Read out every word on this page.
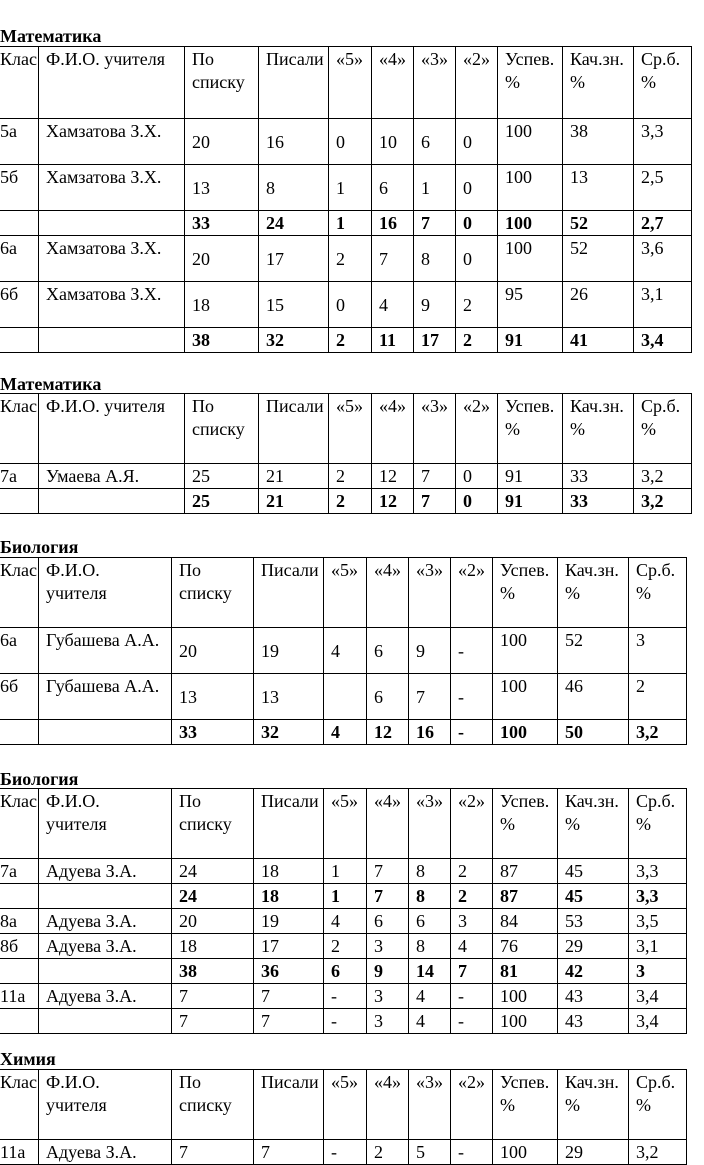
Математика
Клас	Ф.И.О. учителя	По списку	Писали	«5»	«4»	«3»	«2»	Успев. %	Кач.зн. %	Ср.б. %
5а	Хамзатова З.Х.	20	16	0	10	6	0	100	38	3,3
5б	Хамзатова З.Х.	13	8	1	6	1	0	100	13	2,5
		33	24	1	16	7	0	100	52	2,7
6а	Хамзатова З.Х.	20	17	2	7	8	0	100	52	3,6
6б	Хамзатова З.Х.	18	15	0	4	9	2	95	26	3,1
		38	32	2	11	17	2	91	41	3,4
Математика
Клас	Ф.И.О. учителя	По списку	Писали	«5»	«4»	«3»	«2»	Успев. %	Кач.зн. %	Ср.б. %
7а	Умаева А.Я.	25	21	2	12	7	0	91	33	3,2
		25	21	2	12	7	0	91	33	3,2
Биология
Клас	Ф.И.О. учителя	По списку	Писали	«5»	«4»	«3»	«2»	Успев. %	Кач.зн. %	Ср.б. %
6а	Губашева А.А.	20	19	4	6	9	-	100	52	3
6б	Губашева А.А.	13	13		6	7	-	100	46	2
		33	32	4	12	16	-	100	50	3,2
Биология
Клас	Ф.И.О. учителя	По списку	Писали	«5»	«4»	«3»	«2»	Успев. %	Кач.зн. %	Ср.б. %
7а	Адуева З.А.	24	18	1	7	8	2	87	45	3,3
		24	18	1	7	8	2	87	45	3,3
8а	Адуева З.А.	20	19	4	6	6	3	84	53	3,5
8б	Адуева З.А.	18	17	2	3	8	4	76	29	3,1
		38	36	6	9	14	7	81	42	3
11а	Адуева З.А.	7	7	-	3	4	-	100	43	3,4
		7	7	-	3	4	-	100	43	3,4
Химия
Клас	Ф.И.О. учителя	По списку	Писали	«5»	«4»	«3»	«2»	Успев. %	Кач.зн. %	Ср.б. %
11а	Адуева З.А.	7	7	-	2	5	-	100	29	3,2
